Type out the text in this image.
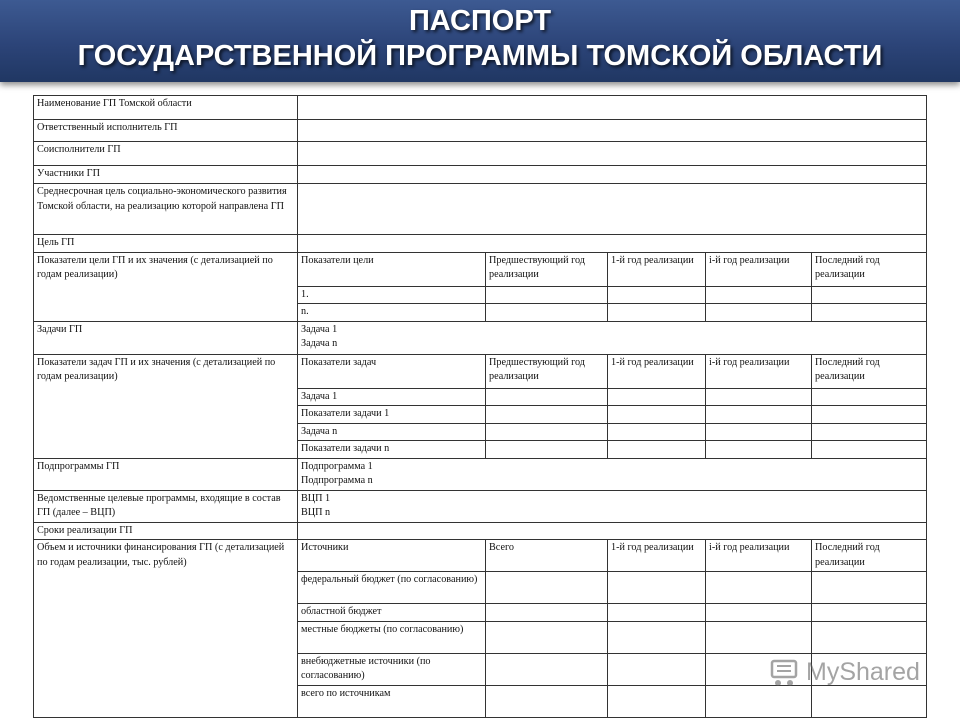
ПАСПОРТ
ГОСУДАРСТВЕННОЙ ПРОГРАММЫ ТОМСКОЙ ОБЛАСТИ
Наименование ГП Томской области					
Ответственный исполнитель ГП					
Соисполнители ГП					
Участники ГП					
Среднесрочная цель социально-экономического развития Томской области, на реализацию которой направлена ГП					
Цель ГП					
Показатели цели ГП и их значения (с детализацией по годам реализации)	Показатели цели	Предшествующий год реализации	1-й год реализации	i-й год реализации	Последний год реализации
	1.				
	n.				
Задачи ГП	Задача 1
Задача n				

Показатели задач ГП и их значения (с детализацией по годам реализации)	Показатели задач	Предшествующий год реализации	1-й год реализации	i-й год реализации	Последний год реализации
	Задача 1				
	Показатели задачи 1				
	Задача n				
	Показатели задачи n				
Подпрограммы ГП	Подпрограмма 1
Подпрограмма n				

Ведомственные целевые программы, входящие в состав ГП (далее – ВЦП)	ВЦП 1
ВЦП n				

Сроки реализации ГП					
Объем и источники финансирования ГП (с детализацией по годам реализации, тыс. рублей)	Источники	Всего	1-й год реализации	i-й год реализации	Последний год реализации
	федеральный бюджет (по согласованию)				
	областной бюджет				
	местные бюджеты (по согласованию)				
	внебюджетные источники (по согласованию)				
	всего по источникам				
MyShared
